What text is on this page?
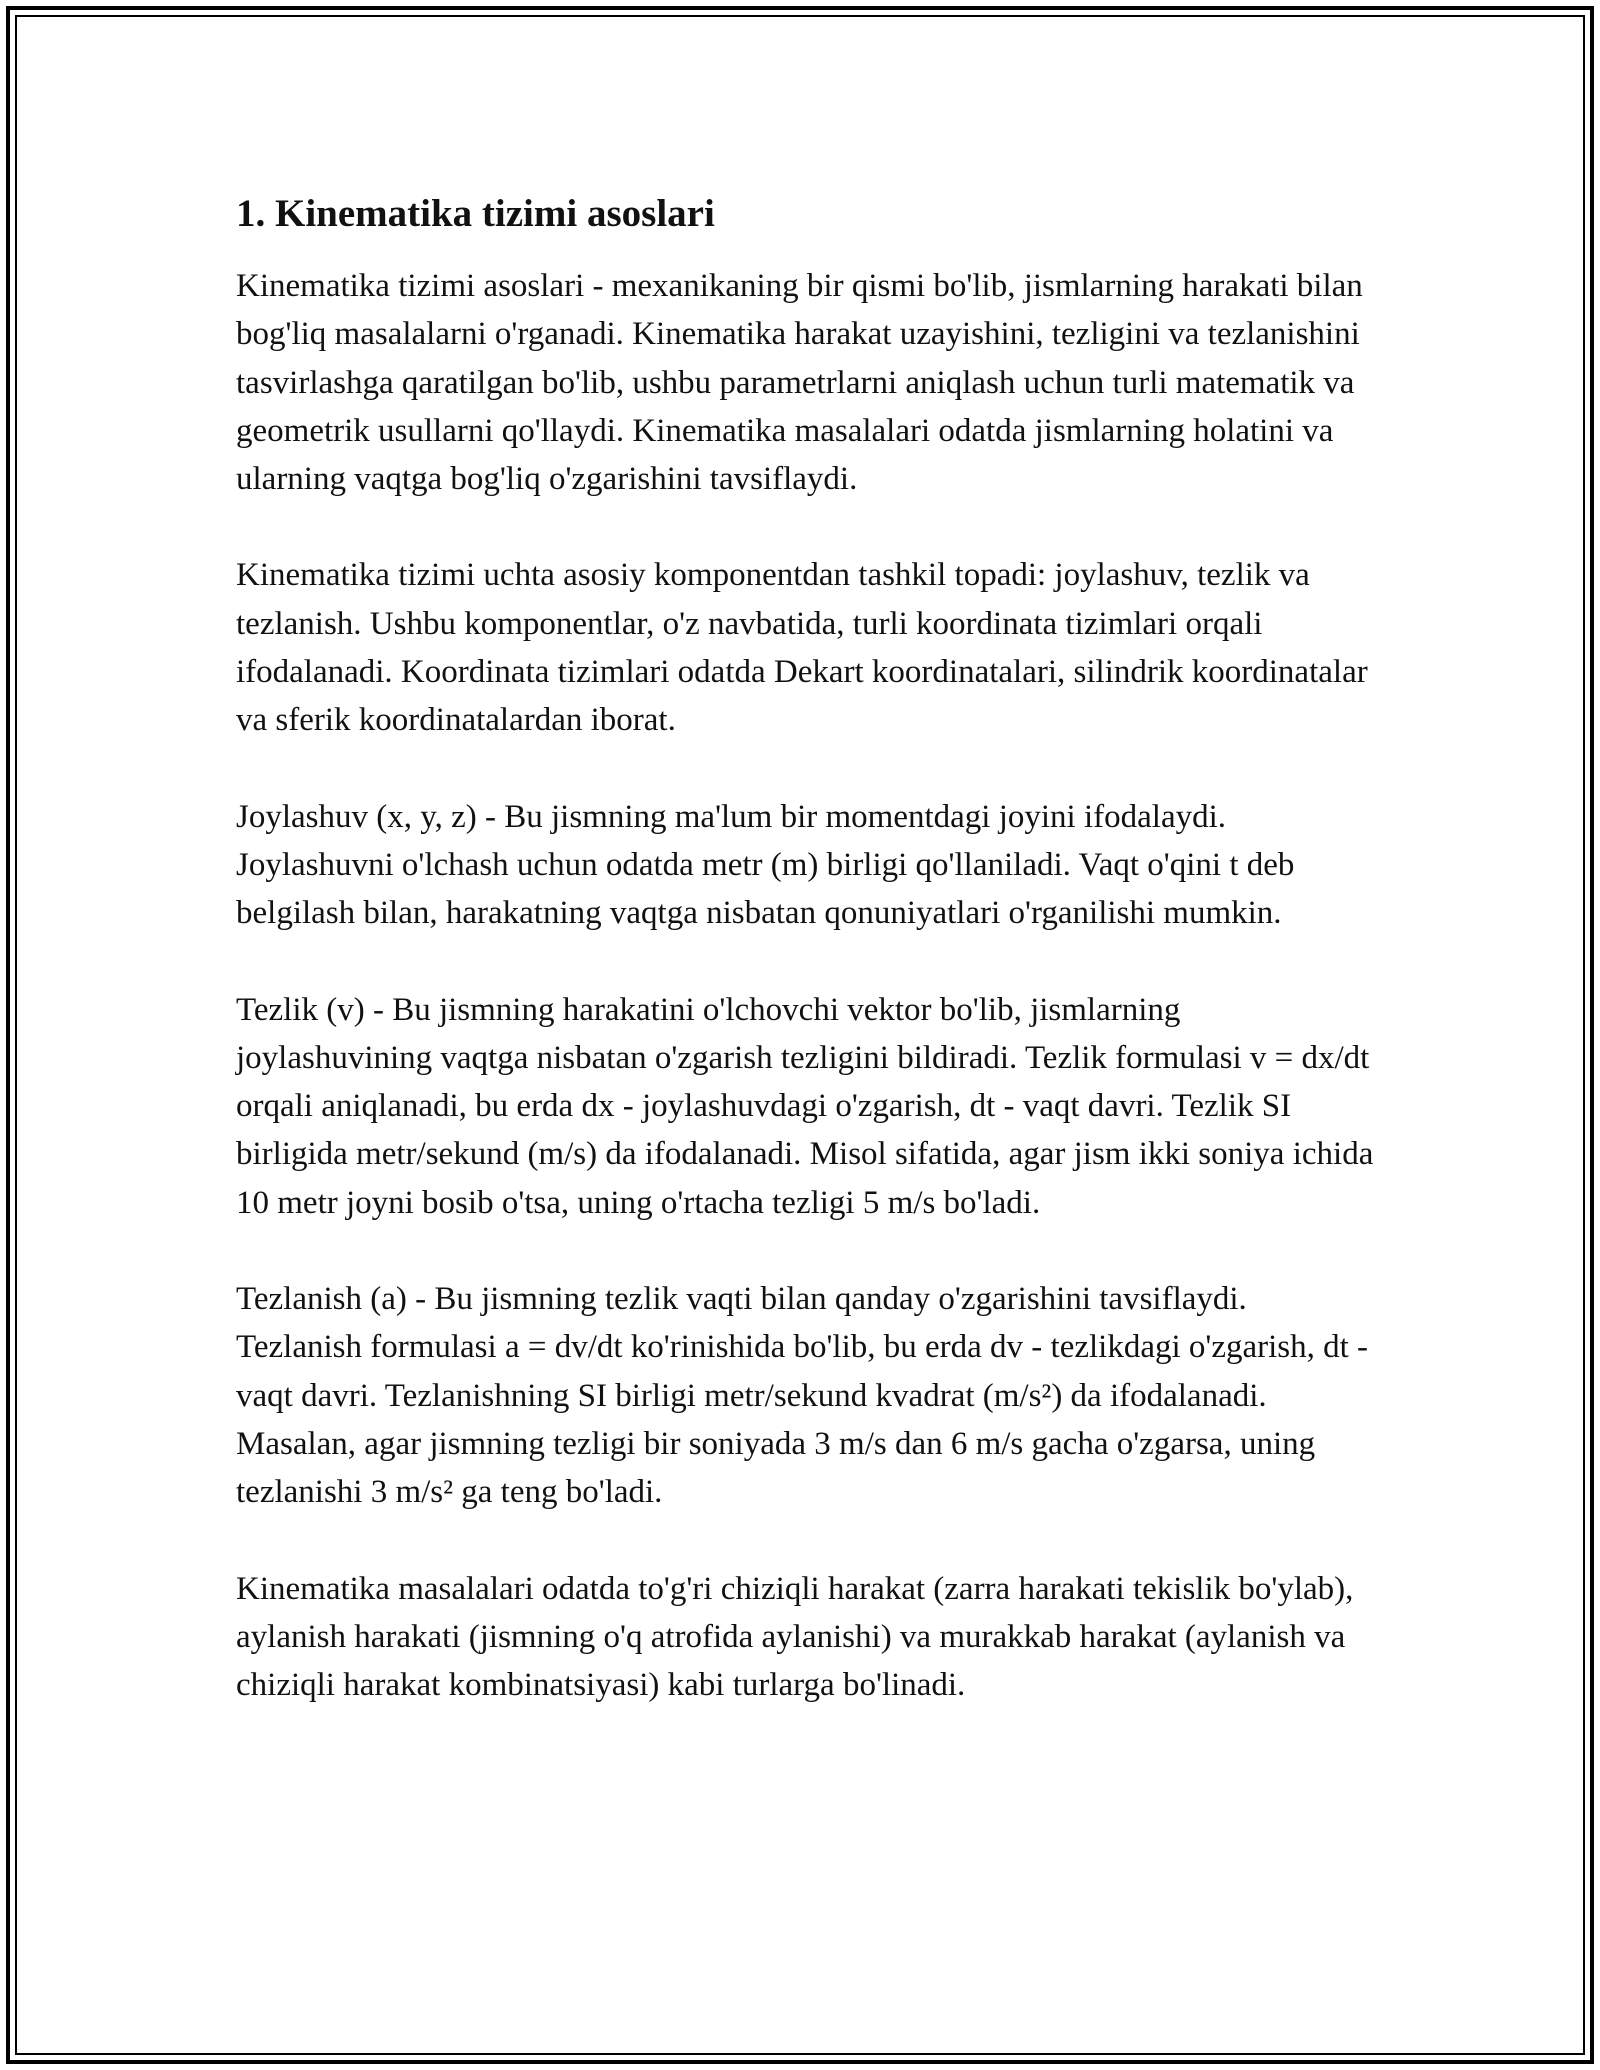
1. Kinematika tizimi asoslari

Kinematika tizimi asoslari - mexanikaning bir qismi bo'lib, jismlarning harakati bilan bog'liq masalalarni o'rganadi. Kinematika harakat uzayishini, tezligini va tezlanishini tasvirlashga qaratilgan bo'lib, ushbu parametrlarni aniqlash uchun turli matematik va geometrik usullarni qo'llaydi. Kinematika masalalari odatda jismlarning holatini va ularning vaqtga bog'liq o'zgarishini tavsiflaydi.

Kinematika tizimi uchta asosiy komponentdan tashkil topadi: joylashuv, tezlik va tezlanish. Ushbu komponentlar, o'z navbatida, turli koordinata tizimlari orqali ifodalanadi. Koordinata tizimlari odatda Dekart koordinatalari, silindrik koordinatalar va sferik koordinatalardan iborat.

Joylashuv (x, y, z) - Bu jismning ma'lum bir momentdagi joyini ifodalaydi. Joylashuvni o'lchash uchun odatda metr (m) birligi qo'llaniladi. Vaqt o'qini t deb belgilash bilan, harakatning vaqtga nisbatan qonuniyatlari o'rganilishi mumkin.

Tezlik (v) - Bu jismning harakatini o'lchovchi vektor bo'lib, jismlarning joylashuvining vaqtga nisbatan o'zgarish tezligini bildiradi. Tezlik formulasi v = dx/dt orqali aniqlanadi, bu erda dx - joylashuvdagi o'zgarish, dt - vaqt davri. Tezlik SI birligida metr/sekund (m/s) da ifodalanadi. Misol sifatida, agar jism ikki soniya ichida 10 metr joyni bosib o'tsa, uning o'rtacha tezligi 5 m/s bo'ladi.

Tezlanish (a) - Bu jismning tezlik vaqti bilan qanday o'zgarishini tavsiflaydi. Tezlanish formulasi a = dv/dt ko'rinishida bo'lib, bu erda dv - tezlikdagi o'zgarish, dt - vaqt davri. Tezlanishning SI birligi metr/sekund kvadrat (m/s²) da ifodalanadi. Masalan, agar jismning tezligi bir soniyada 3 m/s dan 6 m/s gacha o'zgarsa, uning tezlanishi 3 m/s² ga teng bo'ladi.

Kinematika masalalari odatda to'g'ri chiziqli harakat (zarra harakati tekislik bo'ylab), aylanish harakati (jismning o'q atrofida aylanishi) va murakkab harakat (aylanish va chiziqli harakat kombinatsiyasi) kabi turlarga bo'linadi.
